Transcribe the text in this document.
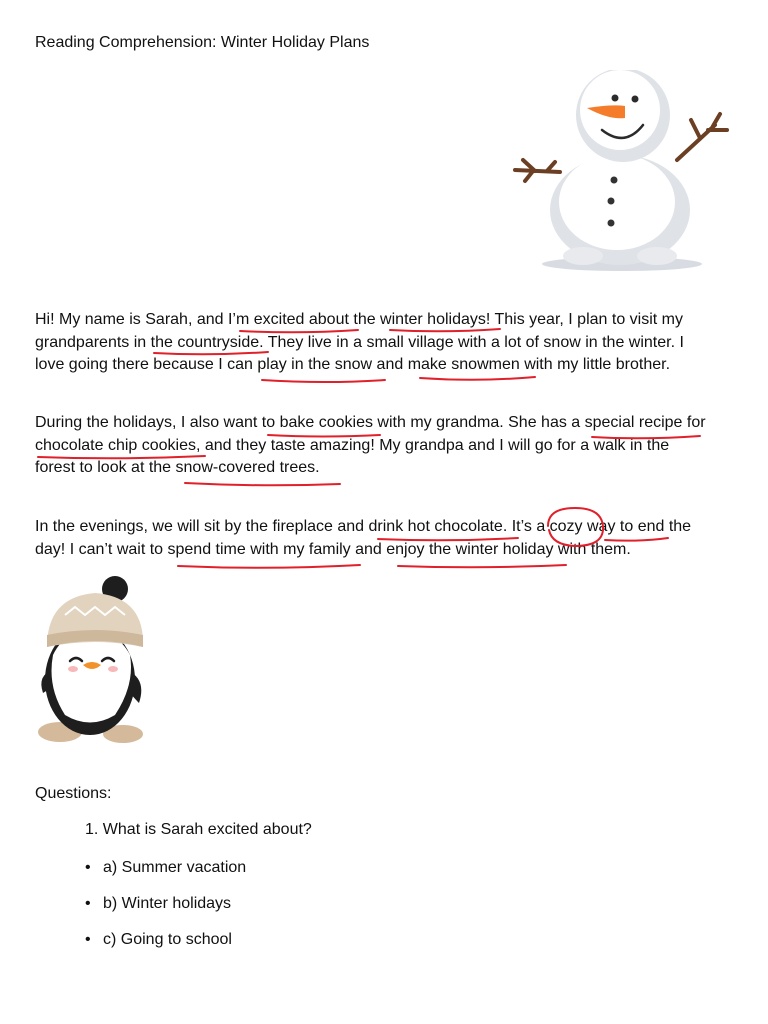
Reading Comprehension: Winter Holiday Plans
Hi! My name is Sarah, and I’m excited about the winter holidays! This year, I plan to visit my
grandparents in the countryside. They live in a small village with a lot of snow in the winter. I
love going there because I can play in the snow and make snowmen with my little brother.
During the holidays, I also want to bake cookies with my grandma. She has a special recipe for
chocolate chip cookies, and they taste amazing! My grandpa and I will go for a walk in the
forest to look at the snow-covered trees.
In the evenings, we will sit by the fireplace and drink hot chocolate. It’s a cozy way to end the
day! I can’t wait to spend time with my family and enjoy the winter holiday with them.
Questions:
1. What is Sarah excited about?
• a) Summer vacation
• b) Winter holidays
• c) Going to school
